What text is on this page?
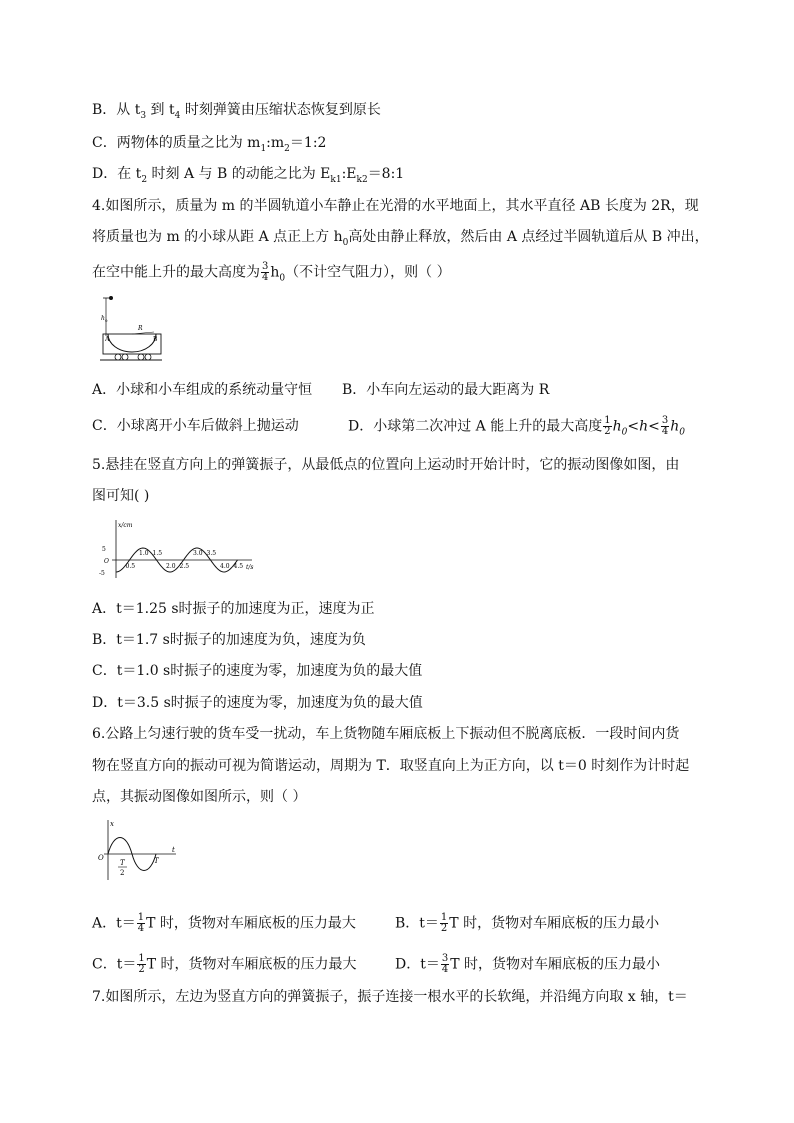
B．从 $t_3$ 到 $t_4$ 时刻弹簧由压缩状态恢复到原长
C．两物体的质量之比为 $m_1:m_2=1:2$
D．在 $t_2$ 时刻 A 与 B 的动能之比为 $E_{k1}:E_{k2}=8:1$
4.如图所示，质量为 m 的半圆轨道小车静止在光滑的水平地面上，其水平直径 AB 长度为 2R，现
将质量也为 m 的小球从距 A 点正上方 $h_0$高处由静止释放，然后由 A 点经过半圆轨道后从 B 冲出，
在空中能上升的最大高度为 $\frac{3}{4} h_0$（不计空气阻力），则（ ）
h 0
R
A	B
A．小球和小车组成的系统动量守恒 B．小车向左运动的最大距离为 R
C．小球离开小车后做斜上抛运动	D．小球第二次冲过 A 能上升的最大高度 $\frac{1}{2} h_0<h< \frac{3}{4} h_0$
5.悬挂在竖直方向上的弹簧振子，从最低点的位置向上运动时开始计时，它的振动图像如图，由
图可知( )
x/cm
t/s
5
O
-5
0.5
1.0 1.5
2.0 2.5
3.0 3.5
4.0 4.5
A．t＝1.25 s时振子的加速度为正，速度为正
B．t＝1.7 s时振子的加速度为负，速度为负
C．t＝1.0 s时振子的速度为零，加速度为负的最大值
D．t＝3.5 s时振子的速度为零，加速度为负的最大值
6.公路上匀速行驶的货车受一扰动，车上货物随车厢底板上下振动但不脱离底板．一段时间内货
物在竖直方向的振动可视为简谐运动，周期为 T．取竖直向上为正方向，以 t＝0 时刻作为计时起
点，其振动图像如图所示，则（ ）
x
t
O
T
2
T
A．$t= \frac{1}{4}$ T 时，货物对车厢底板的压力最大	B．$t= \frac{1}{2}$ T 时，货物对车厢底板的压力最小
C．$t= \frac{1}{2}$ T 时，货物对车厢底板的压力最大	D．$t= \frac{3}{4}$ T 时，货物对车厢底板的压力最小
7.如图所示，左边为竖直方向的弹簧振子，振子连接一根水平的长软绳，并沿绳方向取 x 轴，t＝
